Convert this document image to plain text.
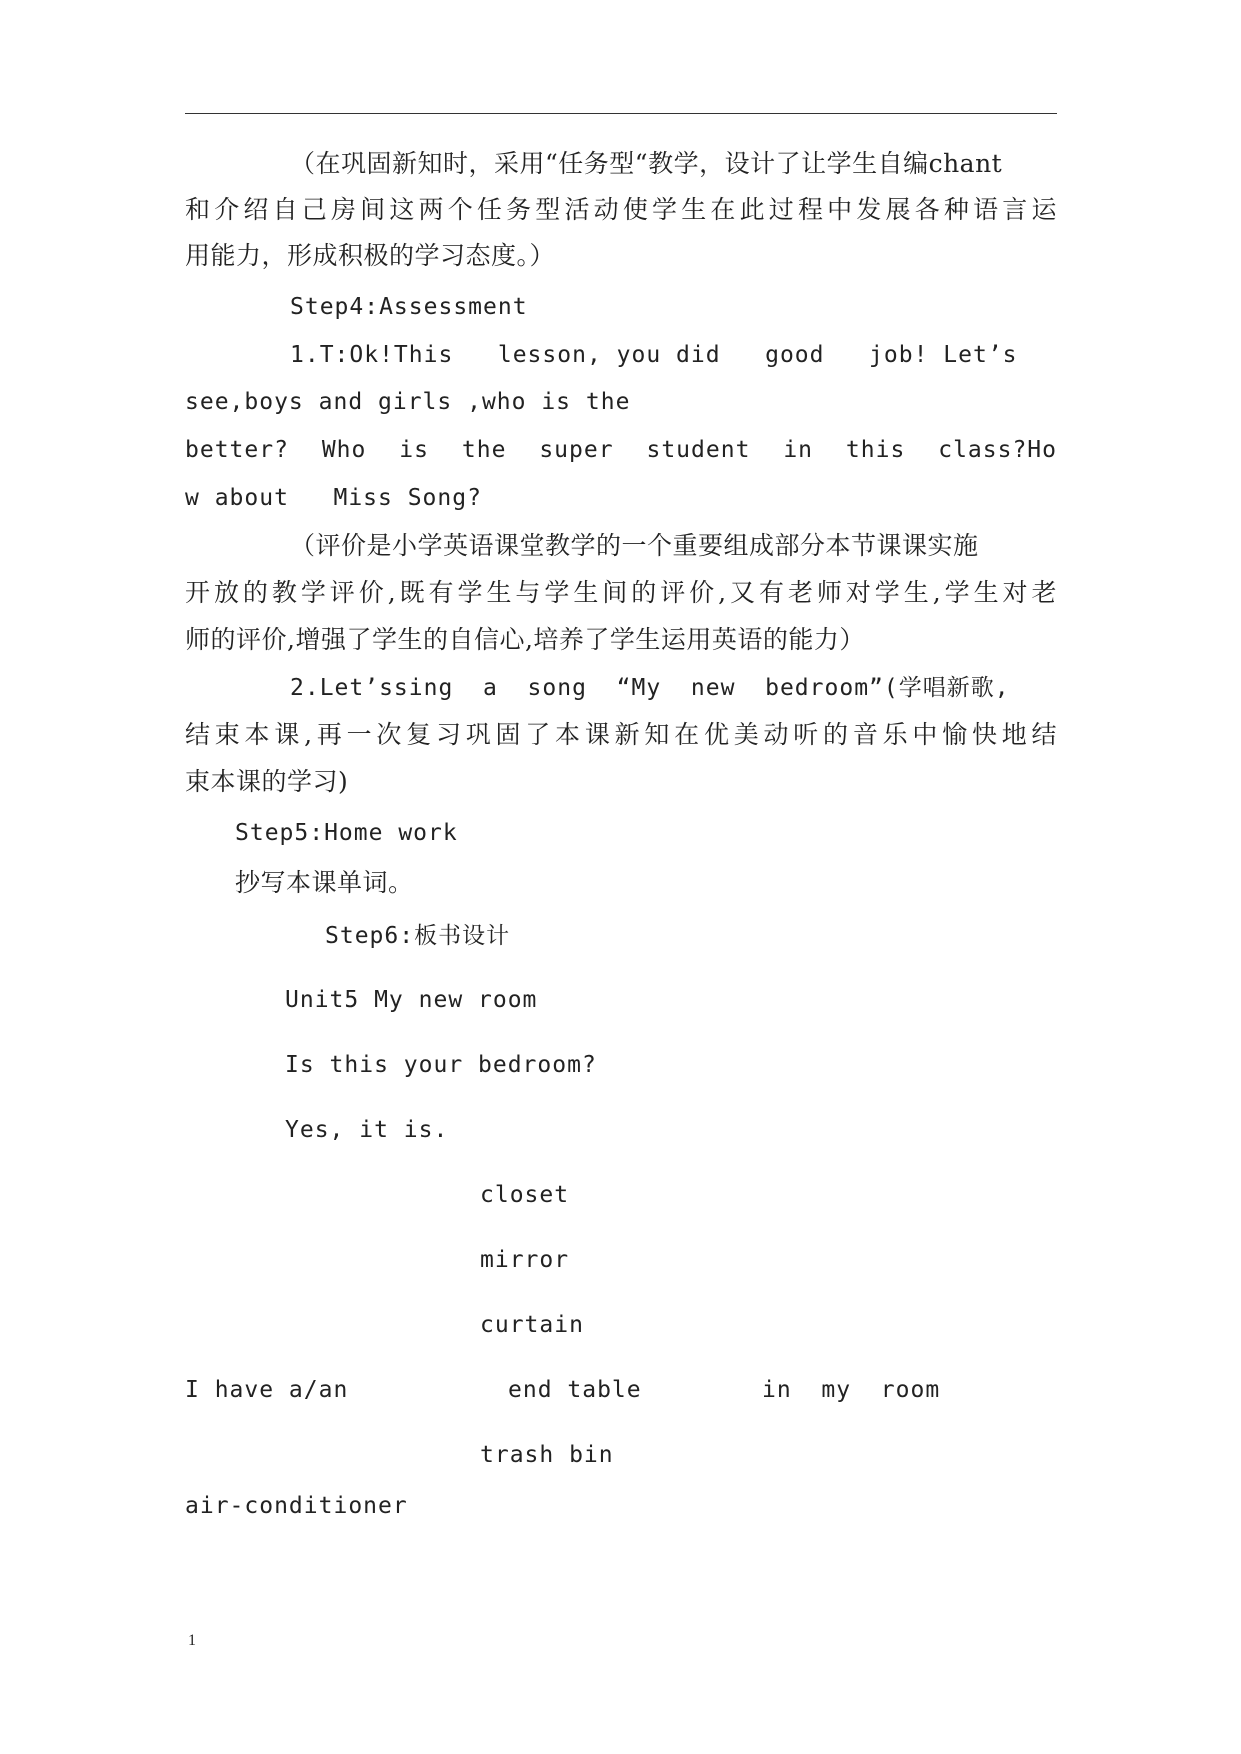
（在巩固新知时，采用“任务型“教学，设计了让学生自编chant
和介绍自己房间这两个任务型活动使学生在此过程中发展各种语言运
用能力，形成积极的学习态度。）
Step4:Assessment
1.T:Ok!This   lesson, you did   good   job! Let’s
see,boys and girls ,who is the
better? Who is the super student in this class?Ho
w about   Miss Song?
（评价是小学英语课堂教学的一个重要组成部分本节课课实施
开放的教学评价,既有学生与学生间的评价,又有老师对学生,学生对老
师的评价,增强了学生的自信心,培养了学生运用英语的能力）
2.Let’ssing  a  song  “My  new  bedroom”(学唱新歌,
结束本课,再一次复习巩固了本课新知在优美动听的音乐中愉快地结
束本课的学习)
Step5:Home work
抄写本课单词。
Step6:板书设计
Unit5 My new room
Is this your bedroom?
Yes, it is.
closet
mirror
curtain
I have a/an	end table	in  my  room
trash bin
air-conditioner
1
